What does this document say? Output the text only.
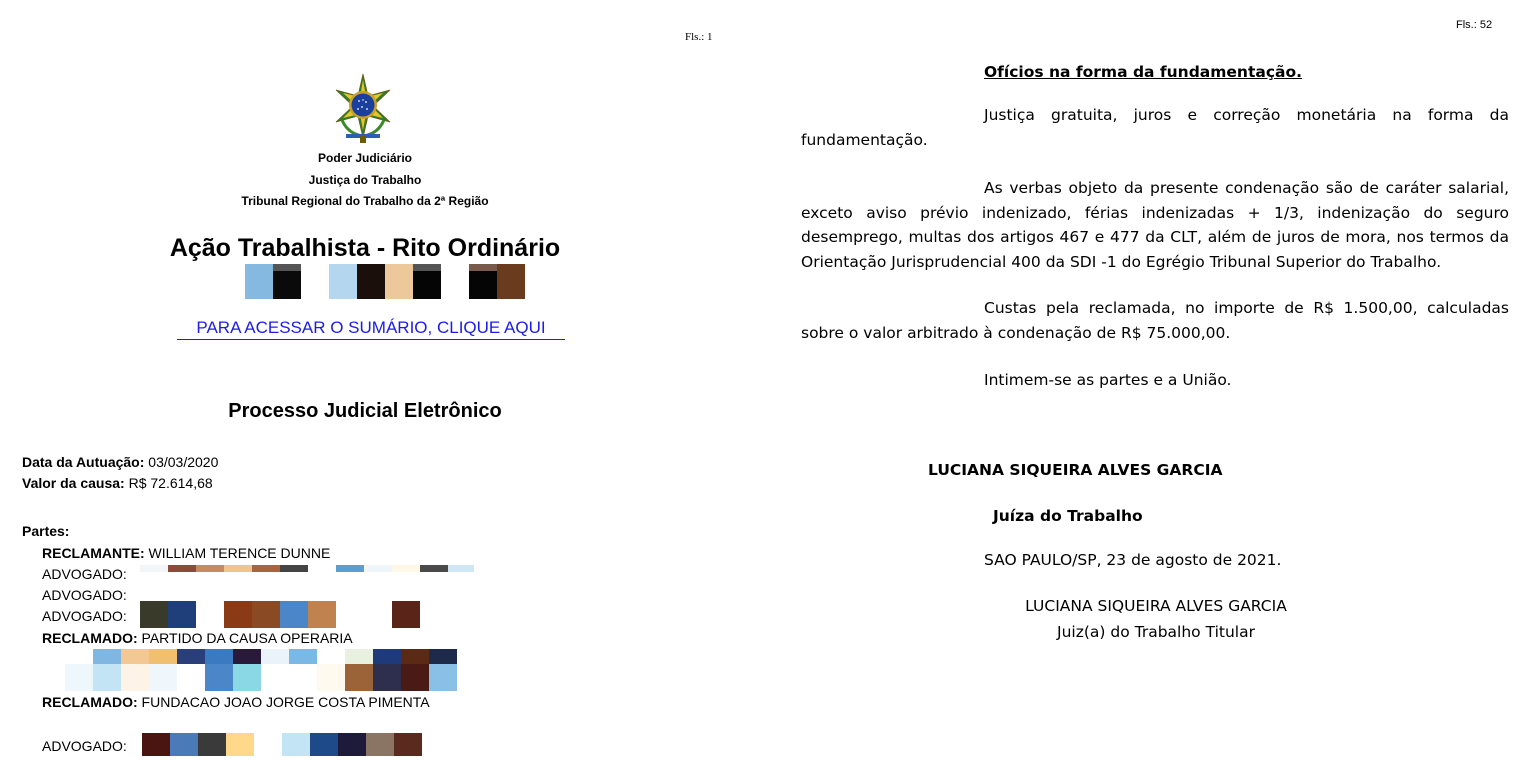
Fls.: 1
Poder Judiciário
Justiça do Trabalho
Tribunal Regional do Trabalho da 2ª Região
Ação Trabalhista - Rito Ordinário
PARA ACESSAR O SUMÁRIO, CLIQUE AQUI
Processo Judicial Eletrônico
Data da Autuação: 03/03/2020
Valor da causa: R$ 72.614,68
Partes:
RECLAMANTE: WILLIAM TERENCE DUNNE
ADVOGADO:
ADVOGADO:
ADVOGADO:
RECLAMADO: PARTIDO DA CAUSA OPERARIA
RECLAMADO: FUNDACAO JOAO JORGE COSTA PIMENTA
ADVOGADO:
Fls.: 52
Ofícios na forma da fundamentação.
Justiça gratuita, juros e correção monetária na forma da fundamentação.
As verbas objeto da presente condenação são de caráter salarial, exceto aviso prévio indenizado, férias indenizadas + 1/3, indenização do seguro desemprego, multas dos artigos 467 e 477 da CLT, além de juros de mora, nos termos da Orientação Jurisprudencial 400 da SDI -1 do Egrégio Tribunal Superior do Trabalho.
Custas pela reclamada, no importe de R$ 1.500,00, calculadas sobre o valor arbitrado à condenação de R$ 75.000,00.
Intimem-se as partes e a União.
LUCIANA SIQUEIRA ALVES GARCIA
Juíza do Trabalho
SAO PAULO/SP, 23 de agosto de 2021.
LUCIANA SIQUEIRA ALVES GARCIA
Juiz(a) do Trabalho Titular
